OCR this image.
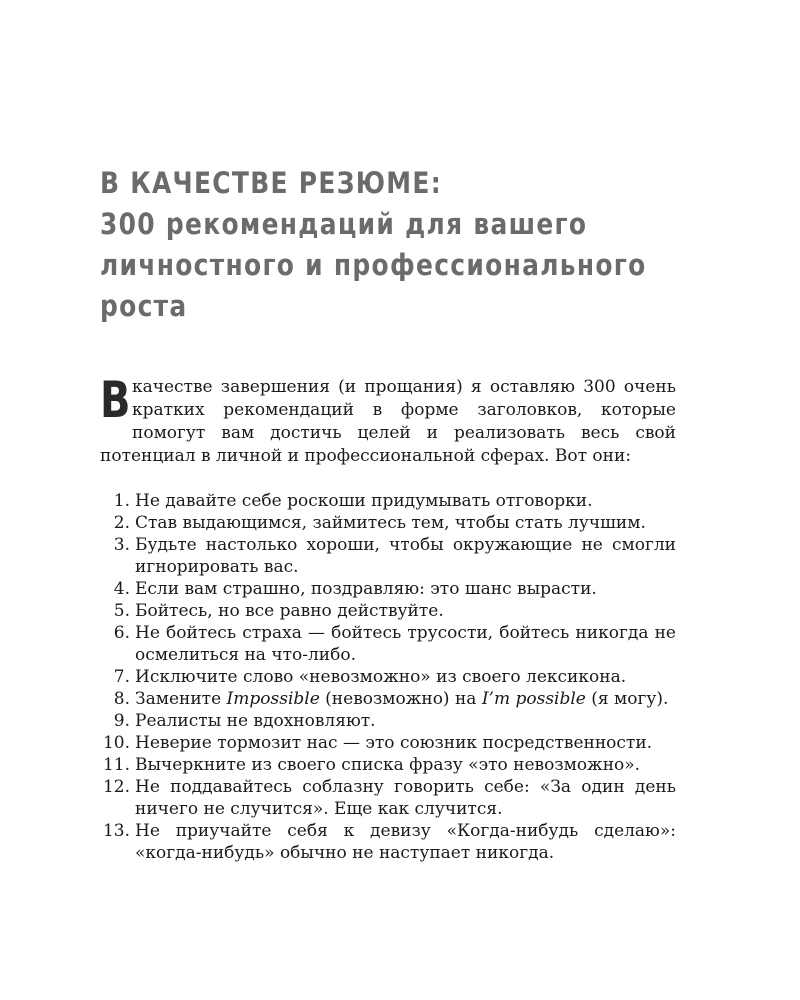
В КАЧЕСТВЕ РЕЗЮМЕ:
300 рекомендаций для вашего
личностного и профессионального
роста

Вкачестве завершения (и прощания) я оставляю 300 очень кратких рекомендаций в форме заголовков, которые помогут вам достичь целей и реализовать весь свой потенциал в личной и профессиональной сферах. Вот они:

1. Не давайте себе роскоши придумывать отговорки.
2. Став выдающимся, займитесь тем, чтобы стать лучшим.
3. Будьте настолько хороши, чтобы окружающие не смогли игнорировать вас.
4. Если вам страшно, поздравляю: это шанс вырасти.
5. Бойтесь, но все равно действуйте.
6. Не бойтесь страха — бойтесь трусости, бойтесь никогда не осмелиться на что-либо.
7. Исключите слово «невозможно» из своего лексикона.
8. Замените Impossible (невозможно) на I’m possible (я могу).
9. Реалисты не вдохновляют.
10. Неверие тормозит нас — это союзник посредственности.
11. Вычеркните из своего списка фразу «это невозможно».
12. Не поддавайтесь соблазну говорить себе: «За один день ничего не случится». Еще как случится.
13. Не приучайте себя к девизу «Когда-нибудь сделаю»: «когда-нибудь» обычно не наступает никогда.
